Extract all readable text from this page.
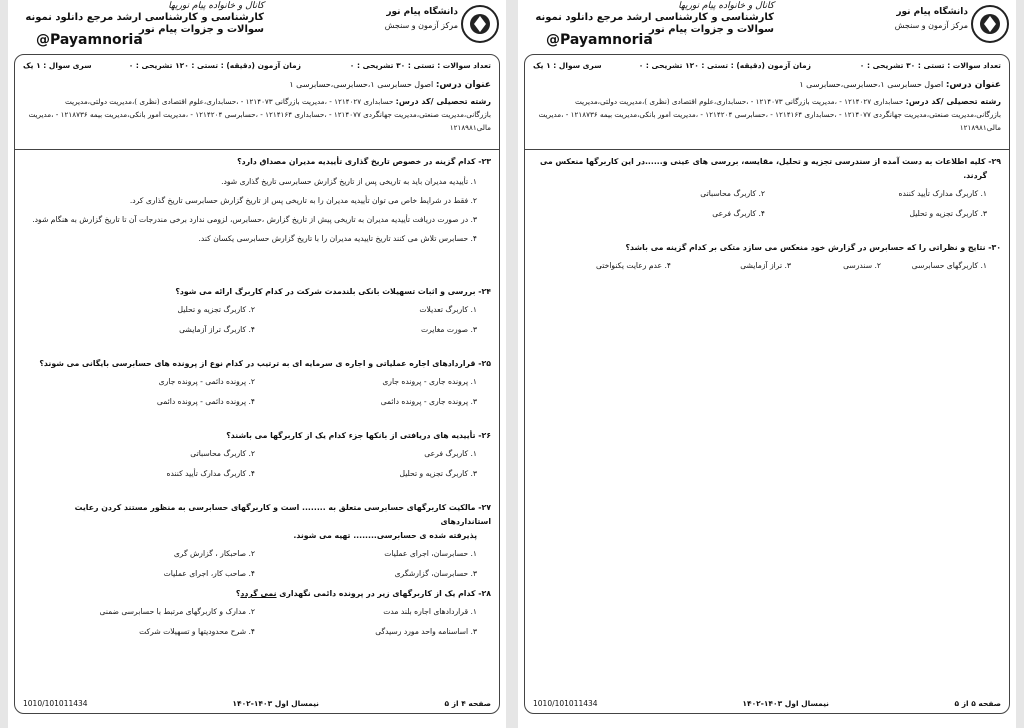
دانشگاه پیام نور
مرکز آزمون و سنجش
کانال و خانواده پیام نوریها
کارشناسی و کارشناسی ارشد مرجع دانلود نمونه سوالات و جزوات پیام نور
@Payamnoria
تعداد سوالات : تستی : ۳۰ تشریحی : ۰
زمان آزمون (دقیقه) : تستی : ۱۲۰ تشریحی : ۰
سری سوال : ۱ یک
عنوان درس: اصول حسابرسی ۱،حسابرسی،حسابرسی ۱
رشته تحصیلی /کد درس: حسابداری ۱۲۱۴۰۲۷ - ،مدیریت بازرگانی ۱۲۱۴۰۷۳ - ،حسابداری،علوم اقتصادی (نظری )،مدیریت دولتی،مدیریت بازرگانی،مدیریت صنعتی،مدیریت جهانگردی ۱۲۱۴۰۷۷ - ،حسابداری ۱۲۱۴۱۶۴ - ،حسابرسی ۱۲۱۴۲۰۴ - ،مدیریت امور بانکی،مدیریت بیمه ۱۲۱۸۷۳۶ - ،مدیریت مالی۱۲۱۸۹۸۱
۲۳- کدام گزینه در خصوص تاریخ گذاری تأییدیه مدیران مصداق دارد؟
۱. تأییدیه مدیران باید به تاریخی پس از تاریخ گزارش حسابرسی تاریخ گذاری شود.
۲. فقط در شرایط خاص می توان تأییدیه مدیران را به تاریخی پس از تاریخ گزارش حسابرسی تاریخ گذاری کرد.
۳. در صورت دریافت تأییدیه مدیران به تاریخی پیش از تاریخ گزارش ،حسابرس، لزومی ندارد برخی مندرجات آن تا تاریخ گزارش به هنگام شود.
۴. حسابرس تلاش می کنند تاریخ تاییدیه مدیران را با تاریخ گزارش حسابرسی یکسان کند.
۲۴- بررسی و اثبات تسهیلات بانکی بلندمدت شرکت در کدام کاربرگ ارائه می شود؟
۱. کاربرگ تعدیلات
۲. کاربرگ تجزیه و تحلیل
۳. صورت مغایرت
۴. کاربرگ تراز آزمایشی
۲۵- قراردادهای اجاره عملیاتی و اجاره ی سرمایه ای به ترتیب در کدام نوع از پرونده های حسابرسی بایگانی می شوند؟
۱. پرونده جاری - پرونده جاری
۲. پرونده دائمی - پرونده جاری
۳. پرونده جاری - پرونده دائمی
۴. پرونده دائمی - پرونده دائمی
۲۶- تأییدیه های دریافتی از بانکها جزء کدام یک از کاربرگها می باشند؟
۱. کاربرگ فرعی
۲. کاربرگ محاسباتی
۳. کاربرگ تجزیه و تحلیل
۴. کاربرگ مدارک تأیید کننده
۲۷- مالکیت کاربرگهای حسابرسی متعلق به ........ است و کاربرگهای حسابرسی به منظور مستند کردن رعایت استانداردهای
پذیرفته شده ی حسابرسی........ تهیه می شوند.
۱. حسابرسان، اجرای عملیات
۲. صاحبکار ، گزارش گری
۳. حسابرسان، گزارشگری
۴. صاحب کار، اجرای عملیات
۲۸- کدام یک از کاربرگهای زیر در پرونده دائمی نگهداری نمی گردد؟
۱. قراردادهای اجاره بلند مدت
۲. مدارک و کاربرگهای مرتبط با حسابرسی ضمنی
۳. اساسنامه واحد مورد رسیدگی
۴. شرح محدودیتها و تسهیلات شرکت
صفحه ۴ از ۵
نیمسال اول ۱۴۰۳-۱۴۰۲
1010/101011434
دانشگاه پیام نور
مرکز آزمون و سنجش
کانال و خانواده پیام نوریها
کارشناسی و کارشناسی ارشد مرجع دانلود نمونه سوالات و جزوات پیام نور
@Payamnoria
تعداد سوالات : تستی : ۳۰ تشریحی : ۰
زمان آزمون (دقیقه) : تستی : ۱۲۰ تشریحی : ۰
سری سوال : ۱ یک
عنوان درس: اصول حسابرسی ۱،حسابرسی،حسابرسی ۱
رشته تحصیلی /کد درس: حسابداری ۱۲۱۴۰۲۷ - ،مدیریت بازرگانی ۱۲۱۴۰۷۳ - ،حسابداری،علوم اقتصادی (نظری )،مدیریت دولتی،مدیریت بازرگانی،مدیریت صنعتی،مدیریت جهانگردی ۱۲۱۴۰۷۷ - ،حسابداری ۱۲۱۴۱۶۴ - ،حسابرسی ۱۲۱۴۲۰۴ - ،مدیریت امور بانکی،مدیریت بیمه ۱۲۱۸۷۳۶ - ،مدیریت مالی۱۲۱۸۹۸۱
۲۹- کلیه اطلاعات به دست آمده از سندرسی تجزیه و تحلیل، مقایسه، بررسی های عینی و......در این کاربرگها منعکس می
گردند.
۱. کاربرگ مدارک تأیید کننده
۲. کاربرگ محاسباتی
۳. کاربرگ تجزیه و تحلیل
۴. کاربرگ فرعی
۳۰- نتایج و نظراتی را که حسابرس در گزارش خود منعکس می سازد متکی بر کدام گزینه می باشد؟
۱. کاربرگهای حسابرسی
۲. سندرسی
۳. تراز آزمایشی
۴. عدم رعایت یکنواختی
صفحه ۵ از ۵
نیمسال اول ۱۴۰۳-۱۴۰۲
1010/101011434
